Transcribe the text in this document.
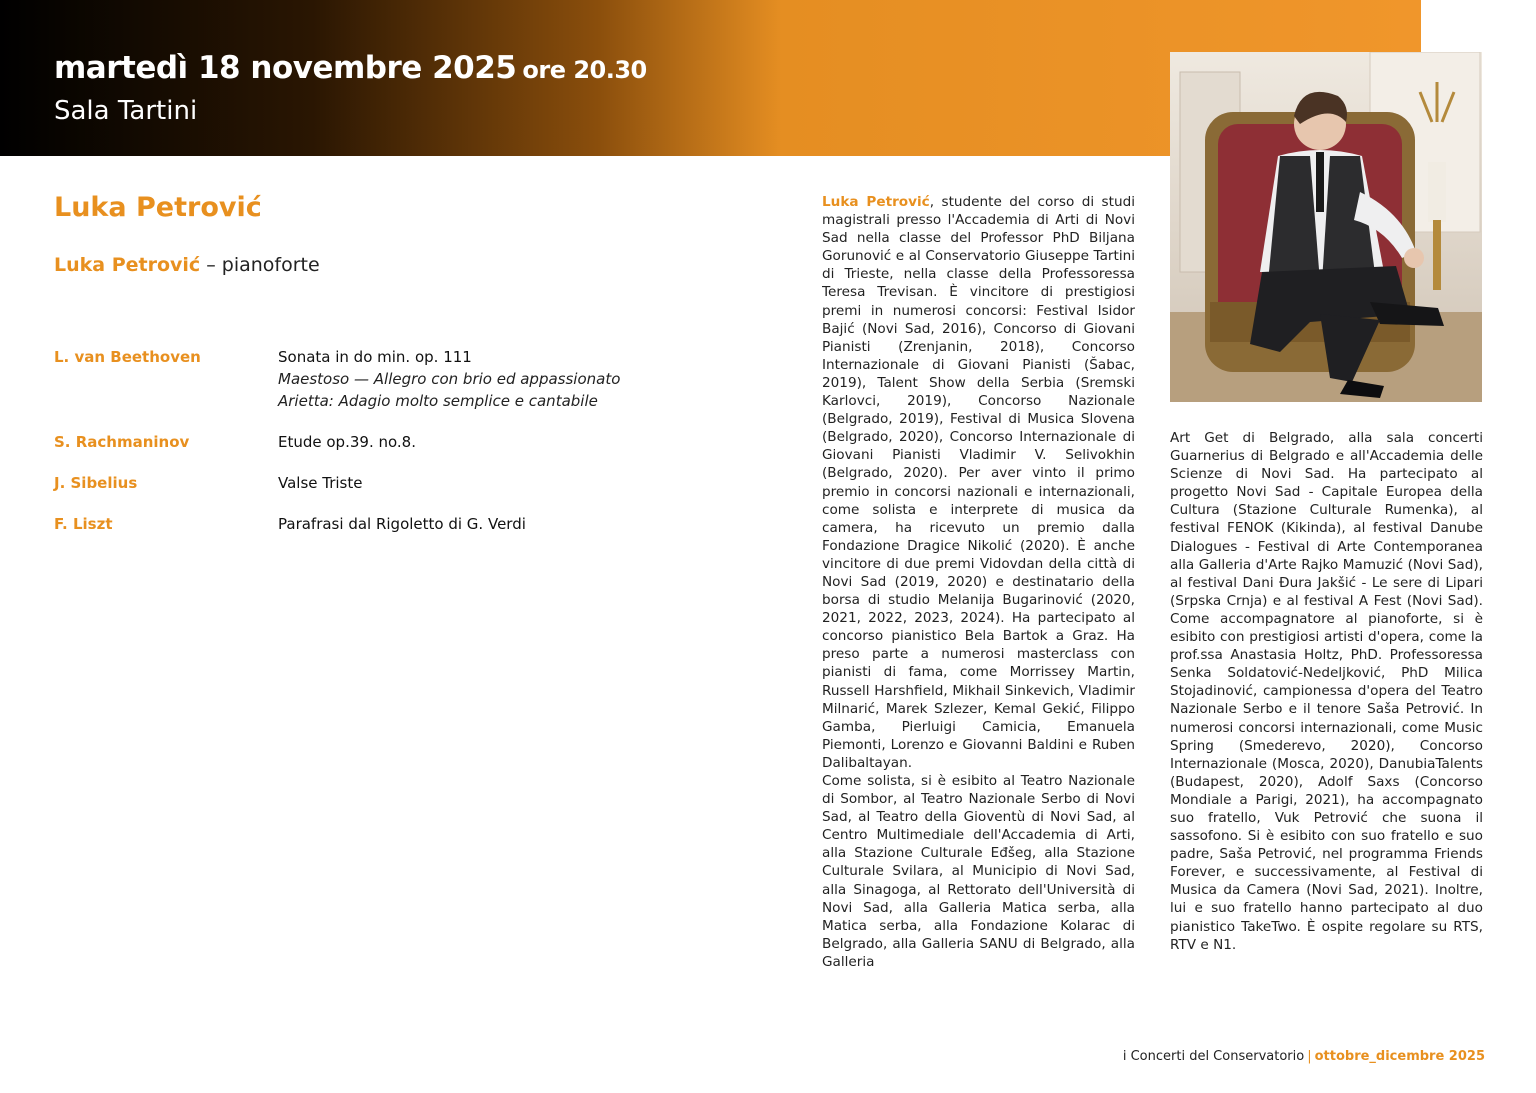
martedì 18 novembre 2025 ore 20.30
Sala Tartini
Luka Petrović
Luka Petrović – pianoforte
L. van Beethoven	Sonata in do min. op. 111
Maestoso — Allegro con brio ed appassionato
Arietta: Adagio molto semplice e cantabile
S. Rachmaninov	Etude op.39. no.8.
J. Sibelius	Valse Triste
F. Liszt	Parafrasi dal Rigoletto di G. Verdi

Luka Petrović, studente del corso di studi magistrali presso l'Accademia di Arti di Novi Sad nella classe del Professor PhD Biljana Gorunović e al Conservatorio Giuseppe Tartini di Trieste, nella classe della Professoressa Teresa Trevisan. È vincitore di prestigiosi premi in numerosi concorsi: Festival Isidor Bajić (Novi Sad, 2016), Concorso di Giovani Pianisti (Zrenjanin, 2018), Concorso Internazionale di Giovani Pianisti (Šabac, 2019), Talent Show della Serbia (Sremski Karlovci, 2019), Concorso Nazionale (Belgrado, 2019), Festival di Musica Slovena (Belgrado, 2020), Concorso Internazionale di Giovani Pianisti Vladimir V. Selivokhin (Belgrado, 2020). Per aver vinto il primo premio in concorsi nazionali e internazionali, come solista e interprete di musica da camera, ha ricevuto un premio dalla Fondazione Dragice Nikolić (2020). È anche vincitore di due premi Vidovdan della città di Novi Sad (2019, 2020) e destinatario della borsa di studio Melanija Bugarinović (2020, 2021, 2022, 2023, 2024). Ha partecipato al concorso pianistico Bela Bartok a Graz. Ha preso parte a numerosi masterclass con pianisti di fama, come Morrissey Martin, Russell Harshfield, Mikhail Sinkevich, Vladimir Milnarić, Marek Szlezer, Kemal Gekić, Filippo Gamba, Pierluigi Camicia, Emanuela Piemonti, Lorenzo e Giovanni Baldini e Ruben Dalibaltayan.

Come solista, si è esibito al Teatro Nazionale di Sombor, al Teatro Nazionale Serbo di Novi Sad, al Teatro della Gioventù di Novi Sad, al Centro Multimediale dell'Accademia di Arti, alla Stazione Culturale Eđšeg, alla Stazione Culturale Svilara, al Municipio di Novi Sad, alla Sinagoga, al Rettorato dell'Università di Novi Sad, alla Galleria Matica serba, alla Matica serba, alla Fondazione Kolarac di Belgrado, alla Galleria SANU di Belgrado, alla Galleria

Art Get di Belgrado, alla sala concerti Guarnerius di Belgrado e all'Accademia delle Scienze di Novi Sad. Ha partecipato al progetto Novi Sad - Capitale Europea della Cultura (Stazione Culturale Rumenka), al festival FENOK (Kikinda), al festival Danube Dialogues - Festival di Arte Contemporanea alla Galleria d'Arte Rajko Mamuzić (Novi Sad), al festival Dani Đura Jakšić - Le sere di Lipari (Srpska Crnja) e al festival A Fest (Novi Sad). Come accompagnatore al pianoforte, si è esibito con prestigiosi artisti d'opera, come la prof.ssa Anastasia Holtz, PhD. Professoressa Senka Soldatović-Nedeljković, PhD Milica Stojadinović, campionessa d'opera del Teatro Nazionale Serbo e il tenore Saša Petrović. In numerosi concorsi internazionali, come Music Spring (Smederevo, 2020), Concorso Internazionale (Mosca, 2020), DanubiaTalents (Budapest, 2020), Adolf Saxs (Concorso Mondiale a Parigi, 2021), ha accompagnato suo fratello, Vuk Petrović che suona il sassofono. Si è esibito con suo fratello e suo padre, Saša Petrović, nel programma Friends Forever, e successivamente, al Festival di Musica da Camera (Novi Sad, 2021). Inoltre, lui e suo fratello hanno partecipato al duo pianistico TakeTwo. È ospite regolare su RTS, RTV e N1.

i Concerti del Conservatorio | ottobre_dicembre 2025
